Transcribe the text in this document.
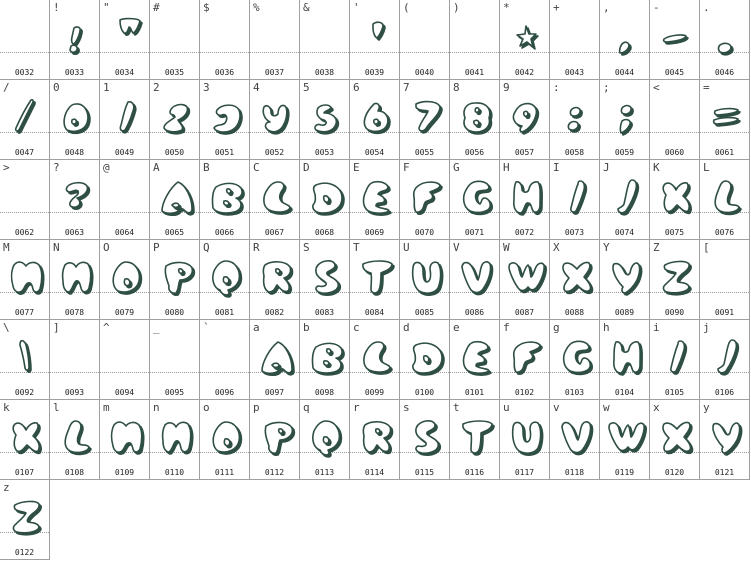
0032
!
0033
"
0034
#
0035
$
0036
%
0037
&
0038
'
0039
(
0040
)
0041
*
0042
+
0043
,
0044
-
0045
.
0046
/
0047
0
0048
1
0049
2
0050
3
0051
4
0052
5
0053
6
0054
7
0055
8
0056
9
0057
:
0058
;
0059
<
0060
=
0061
>
0062
?
0063
@
0064
A
0065
B
0066
C
0067
D
0068
E
0069
F
0070
G
0071
H
0072
I
0073
J
0074
K
0075
L
0076
M
0077
N
0078
O
0079
P
0080
Q
0081
R
0082
S
0083
T
0084
U
0085
V
0086
W
0087
X
0088
Y
0089
Z
0090
[
0091
\
0092
]
0093
^
0094
_
0095
`
0096
a
0097
b
0098
c
0099
d
0100
e
0101
f
0102
g
0103
h
0104
i
0105
j
0106
k
0107
l
0108
m
0109
n
0110
o
0111
p
0112
q
0113
r
0114
s
0115
t
0116
u
0117
v
0118
w
0119
x
0120
y
0121
z
0122
